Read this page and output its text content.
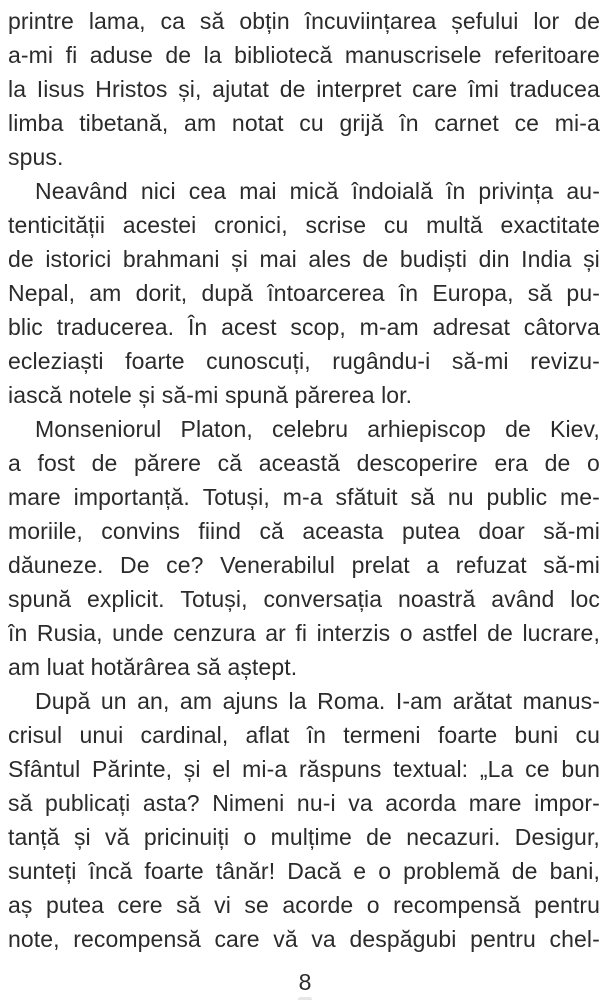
printre lama, ca să obțin încuviințarea șefului lor de
a-mi fi aduse de la bibliotecă manuscrisele referitoare
la Iisus Hristos și, ajutat de interpret care îmi traducea
limba tibetană, am notat cu grijă în carnet ce mi-a
spus.
Neavând nici cea mai mică îndoială în privința au-
tenticității acestei cronici, scrise cu multă exactitate
de istorici brahmani și mai ales de budiști din India și
Nepal, am dorit, după întoarcerea în Europa, să pu-
blic traducerea. În acest scop, m-am adresat câtorva
ecleziaști foarte cunoscuți, rugându-i să-mi revizu-
iască notele și să-mi spună părerea lor.
Monseniorul Platon, celebru arhiepiscop de Kiev,
a fost de părere că această descoperire era de o
mare importanță. Totuși, m-a sfătuit să nu public me-
moriile, convins fiind că aceasta putea doar să-mi
dăuneze. De ce? Venerabilul prelat a refuzat să-mi
spună explicit. Totuși, conversația noastră având loc
în Rusia, unde cenzura ar fi interzis o astfel de lucrare,
am luat hotărârea să aștept.
După un an, am ajuns la Roma. I-am arătat manus-
crisul unui cardinal, aflat în termeni foarte buni cu
Sfântul Părinte, și el mi-a răspuns textual: „La ce bun
să publicați asta? Nimeni nu-i va acorda mare impor-
tanță și vă pricinuiți o mulțime de necazuri. Desigur,
sunteți încă foarte tânăr! Dacă e o problemă de bani,
aș putea cere să vi se acorde o recompensă pentru
note, recompensă care vă va despăgubi pentru chel-
8
